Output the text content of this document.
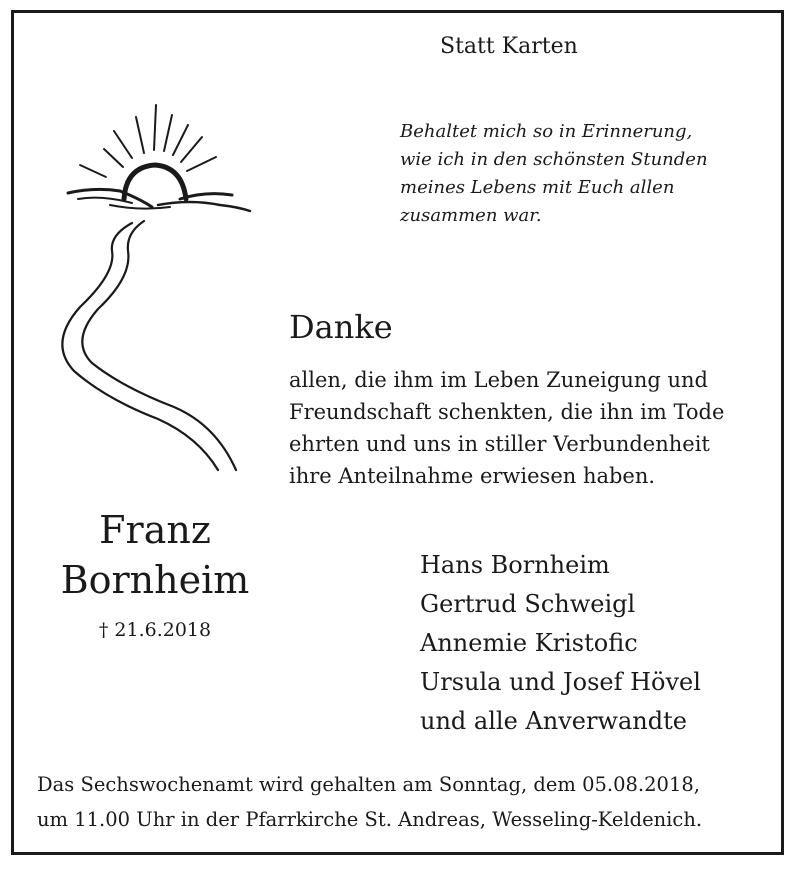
Statt Karten
Behaltet mich so in Erinnerung,
wie ich in den schönsten Stunden
meines Lebens mit Euch allen
zusammen war.
Danke
allen, die ihm im Leben Zuneigung und
Freundschaft schenkten, die ihn im Tode
ehrten und uns in stiller Verbundenheit
ihre Anteilnahme erwiesen haben.
Franz
Bornheim
† 21.6.2018
Hans Bornheim
Gertrud Schweigl
Annemie Kristofic
Ursula und Josef Hövel
und alle Anverwandte
Das Sechswochenamt wird gehalten am Sonntag, dem 05.08.2018,
um 11.00 Uhr in der Pfarrkirche St. Andreas, Wesseling-Keldenich.
